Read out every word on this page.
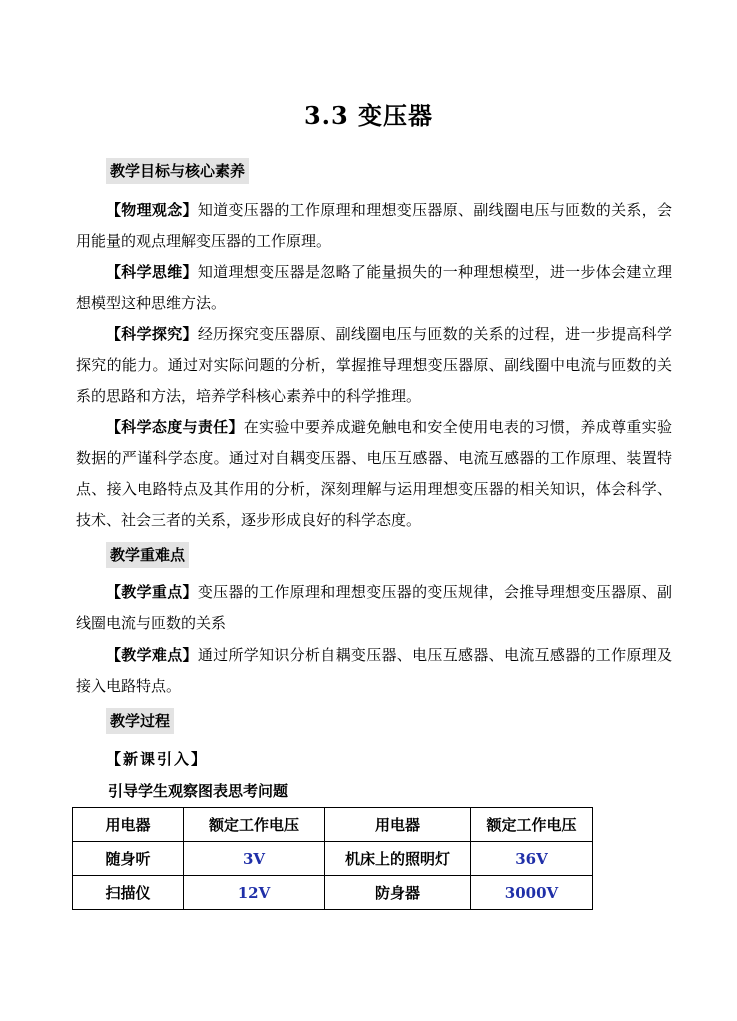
3.3 变压器
教学目标与核心素养

【物理观念】知道变压器的工作原理和理想变压器原、副线圈电压与匝数的关系，会用能量的观点理解变压器的工作原理。

【科学思维】知道理想变压器是忽略了能量损失的一种理想模型，进一步体会建立理想模型这种思维方法。

【科学探究】经历探究变压器原、副线圈电压与匝数的关系的过程，进一步提高科学探究的能力。通过对实际问题的分析，掌握推导理想变压器原、副线圈中电流与匝数的关系的思路和方法，培养学科核心素养中的科学推理。

【科学态度与责任】在实验中要养成避免触电和安全使用电表的习惯，养成尊重实验数据的严谨科学态度。通过对自耦变压器、电压互感器、电流互感器的工作原理、装置特点、接入电路特点及其作用的分析，深刻理解与运用理想变压器的相关知识，体会科学、技术、社会三者的关系，逐步形成良好的科学态度。

教学重难点

【教学重点】变压器的工作原理和理想变压器的变压规律，会推导理想变压器原、副线圈电流与匝数的关系

【教学难点】通过所学知识分析自耦变压器、电压互感器、电流互感器的工作原理及接入电路特点。

教学过程
【新课引入】
引导学生观察图表思考问题
用电器	额定工作电压	用电器	额定工作电压
随身听	3V	机床上的照明灯	36V
扫描仪	12V	防身器	3000V
